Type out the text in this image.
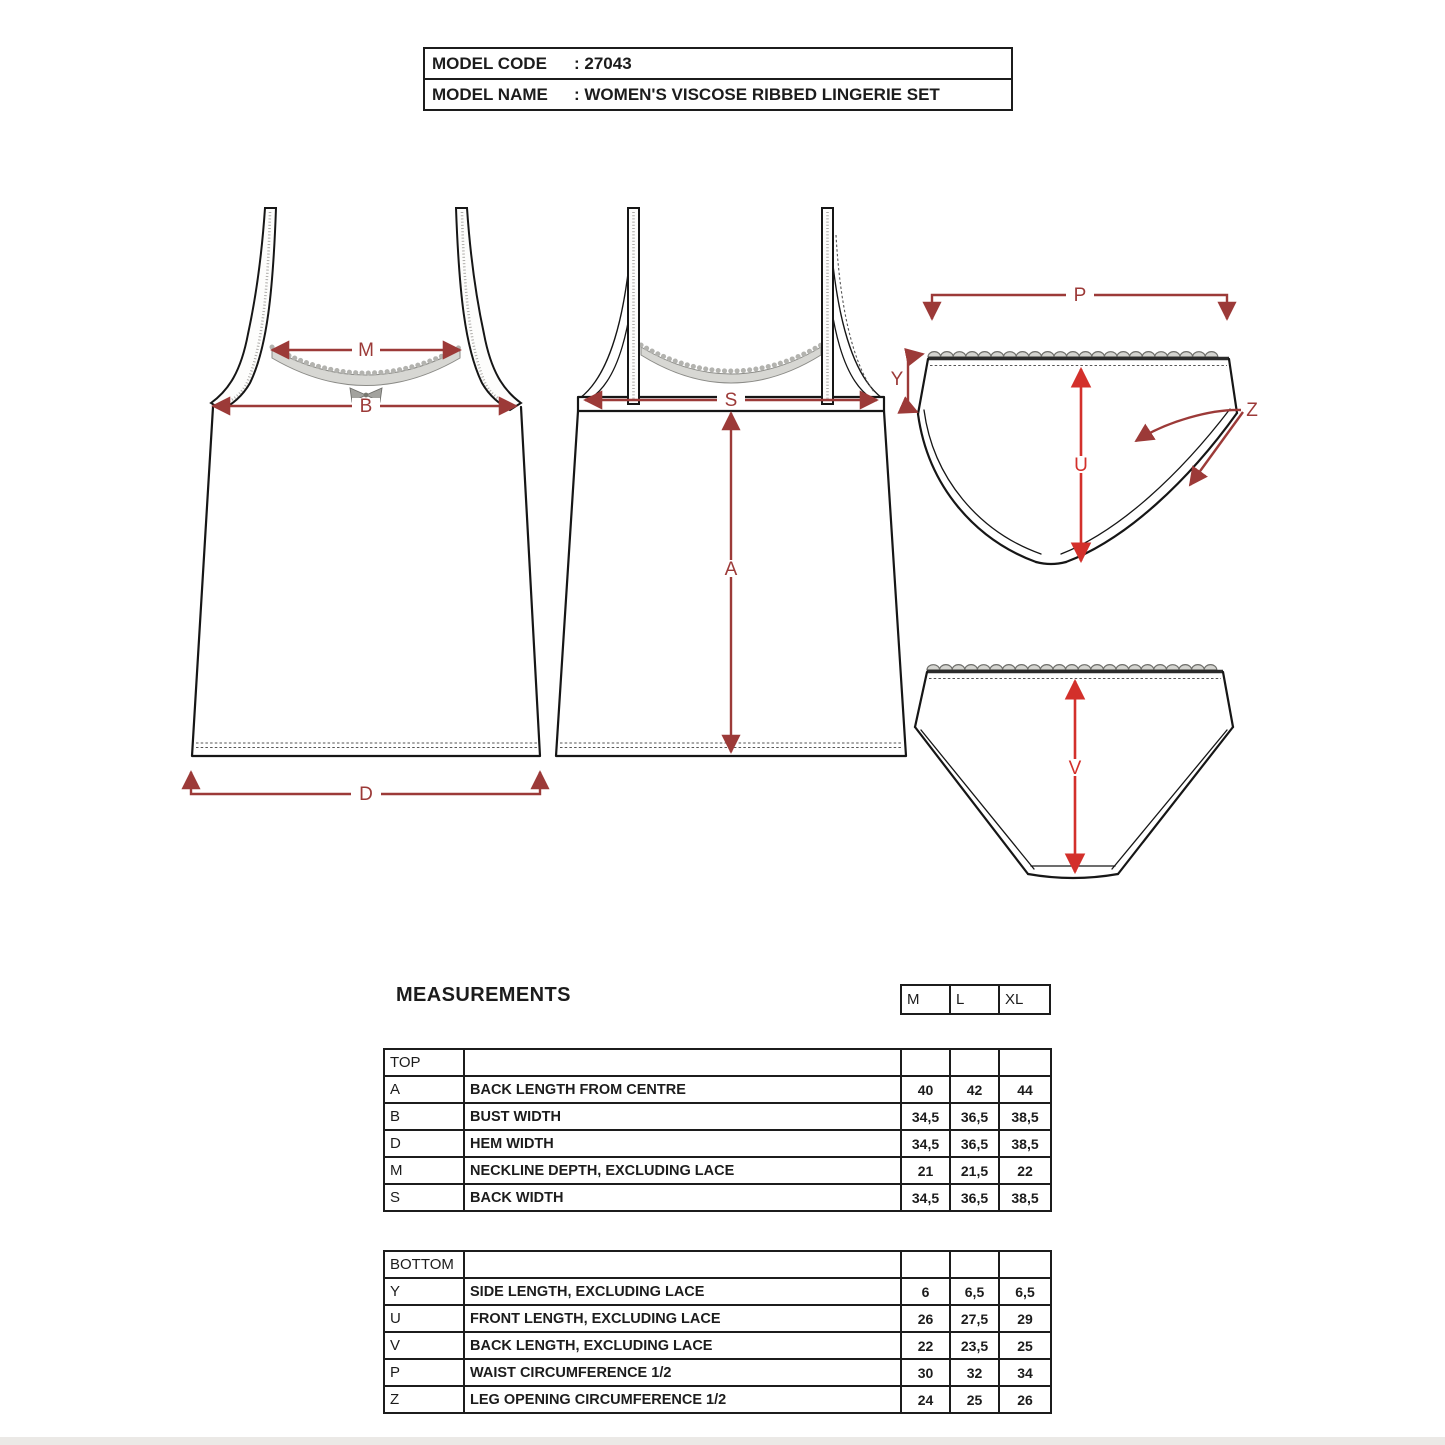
M
B
D
S
A
P
Y
U
Z
V
MODEL CODE	: 27043
MODEL NAME	: WOMEN'S VISCOSE RIBBED LINGERIE SET
MEASUREMENTS	M	L	XL
TOP
A	BACK LENGTH FROM CENTRE	40	42	44
B	BUST WIDTH	34,5	36,5	38,5
D	HEM WIDTH	34,5	36,5	38,5
M	NECKLINE DEPTH, EXCLUDING LACE	21	21,5	22
S	BACK WIDTH	34,5	36,5	38,5
BOTTOM
Y	SIDE LENGTH, EXCLUDING LACE	6	6,5	6,5
U	FRONT LENGTH, EXCLUDING LACE	26	27,5	29
V	BACK LENGTH, EXCLUDING LACE	22	23,5	25
P	WAIST CIRCUMFERENCE 1/2	30	32	34
Z	LEG OPENING CIRCUMFERENCE 1/2	24	25	26
